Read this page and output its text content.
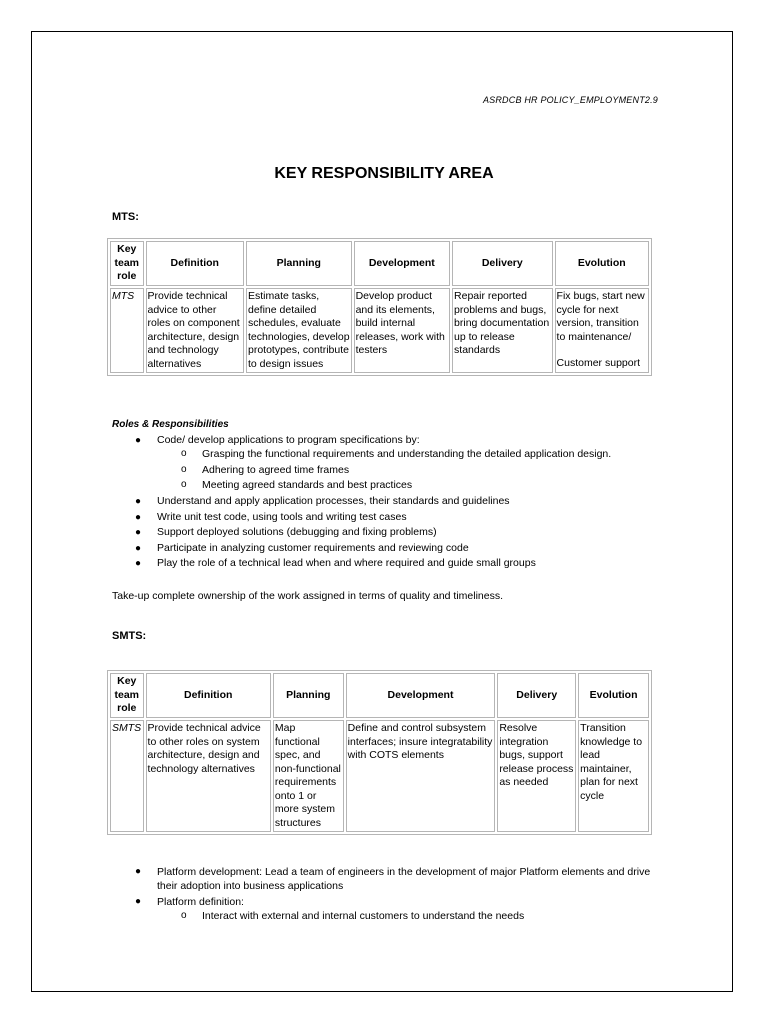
ASRDCB HR POLICY_EMPLOYMENT2.9
KEY RESPONSIBILITY AREA
MTS:
Key team role	Definition	Planning	Development	Delivery	Evolution
MTS	Provide technical advice to other roles on component architecture, design and technology alternatives	Estimate tasks, define detailed schedules, evaluate technologies, develop prototypes, contribute to design issues	Develop product and its elements, build internal releases, work with testers	Repair reported problems and bugs, bring documentation up to release standards	Fix bugs, start new cycle for next version, transition to maintenance/
Customer support
Roles & Responsibilities
● Code/ develop applications to program specifications by:
o Grasping the functional requirements and understanding the detailed application design.
o Adhering to agreed time frames
o Meeting agreed standards and best practices
● Understand and apply application processes, their standards and guidelines
● Write unit test code, using tools and writing test cases
● Support deployed solutions (debugging and fixing problems)
● Participate in analyzing customer requirements and reviewing code
● Play the role of a technical lead when and where required and guide small groups
Take-up complete ownership of the work assigned in terms of quality and timeliness.
SMTS:
Key team role	Definition	Planning	Development	Delivery	Evolution
SMTS	Provide technical advice to other roles on system architecture, design and technology alternatives	Map functional spec, and non-functional requirements onto 1 or more system structures	Define and control subsystem interfaces; insure integratability with COTS elements	Resolve integration bugs, support release process as needed	Transition knowledge to lead maintainer, plan for next cycle
● Platform development: Lead a team of engineers in the development of major Platform elements and drive their adoption into business applications
● Platform definition:
o Interact with external and internal customers to understand the needs
